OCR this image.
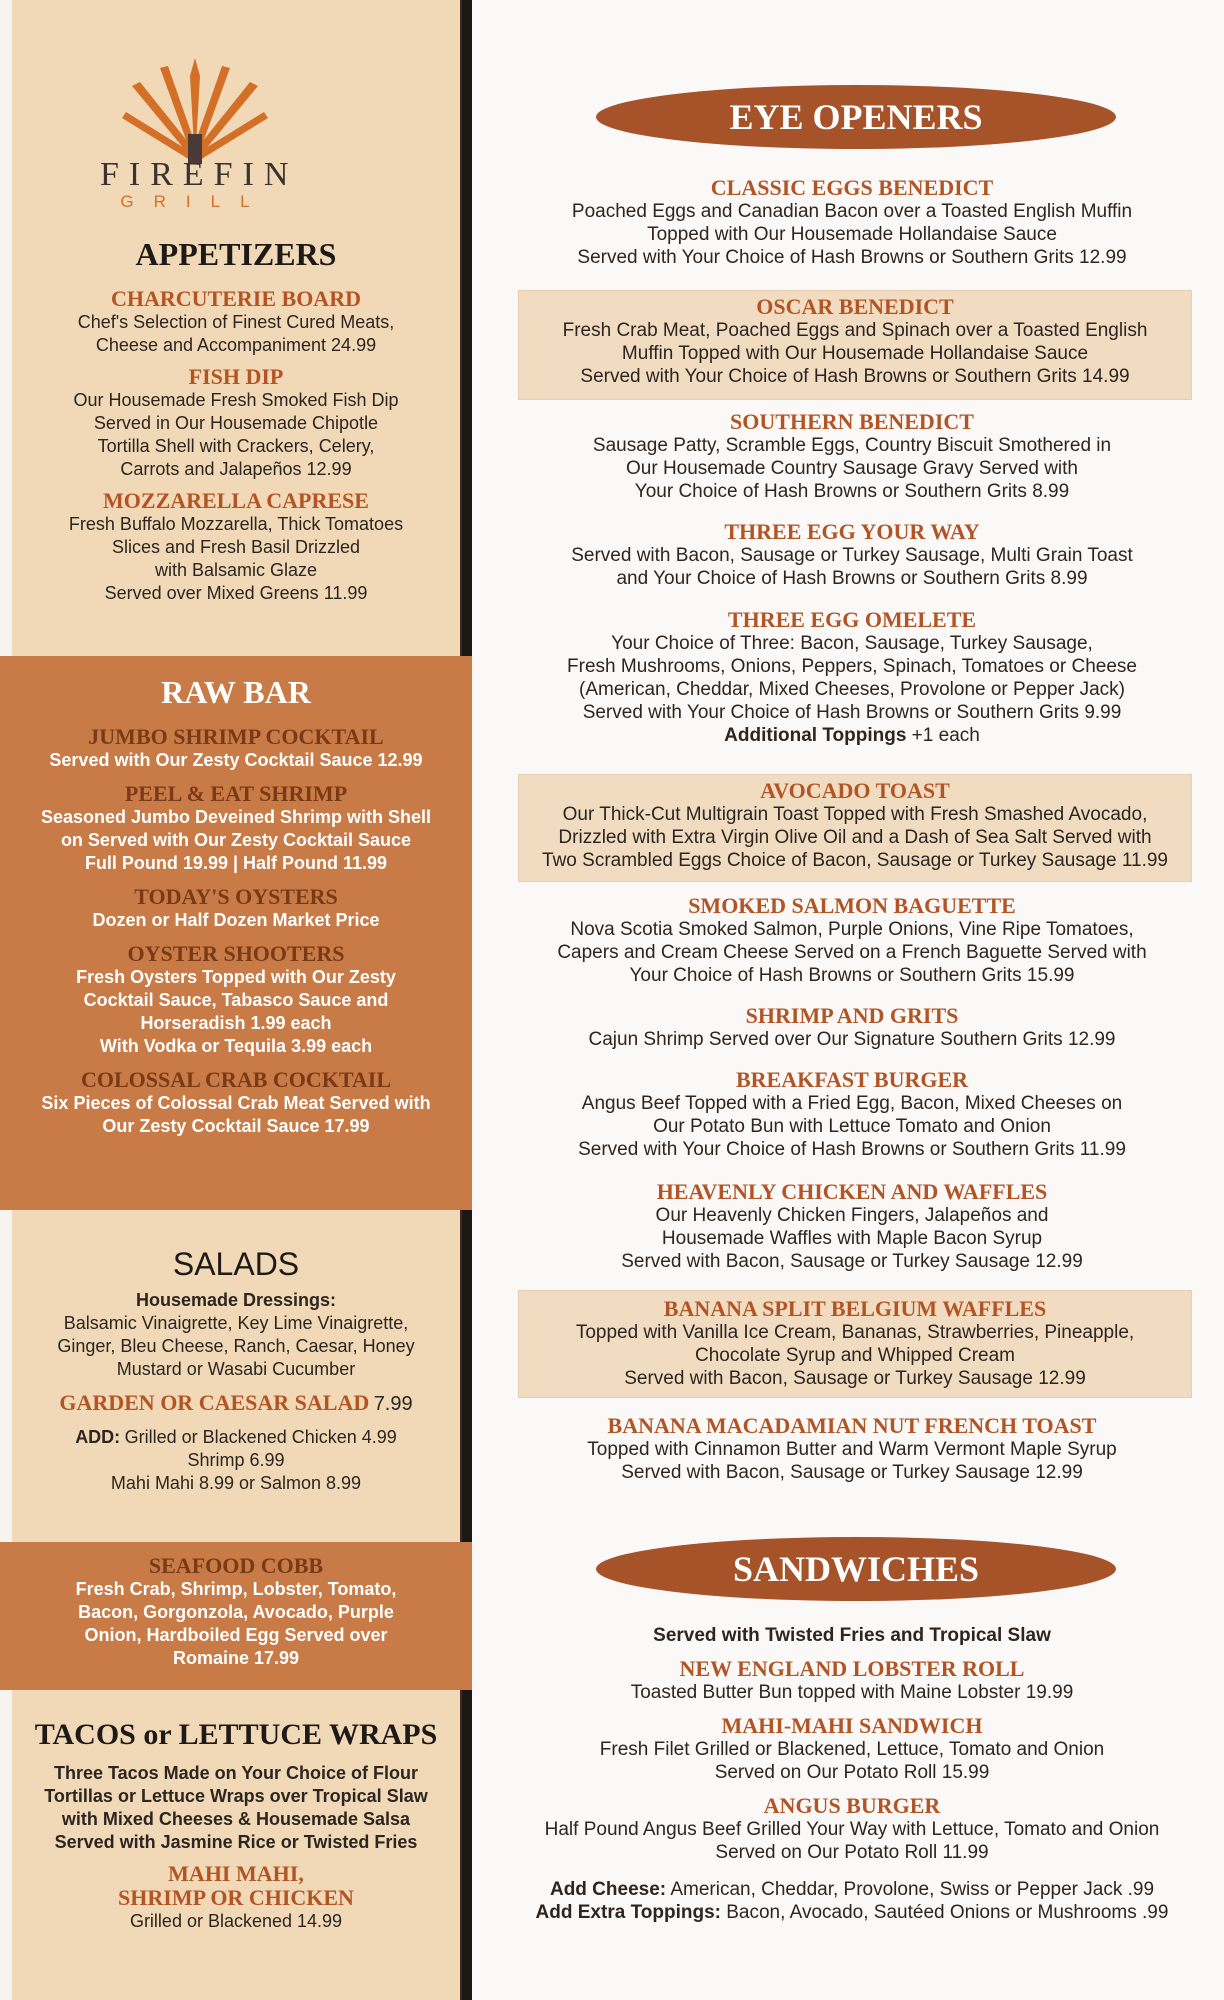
FIREFIN
GRILL
APPETIZERS
CHARCUTERIE BOARD
Chef's Selection of Finest Cured Meats,
Cheese and Accompaniment 24.99
FISH DIP
Our Housemade Fresh Smoked Fish Dip
Served in Our Housemade Chipotle
Tortilla Shell with Crackers, Celery,
Carrots and Jalapeños 12.99
MOZZARELLA CAPRESE
Fresh Buffalo Mozzarella, Thick Tomatoes
Slices and Fresh Basil Drizzled
with Balsamic Glaze
Served over Mixed Greens 11.99
RAW BAR
JUMBO SHRIMP COCKTAIL
Served with Our Zesty Cocktail Sauce 12.99
PEEL & EAT SHRIMP
Seasoned Jumbo Deveined Shrimp with Shell
on Served with Our Zesty Cocktail Sauce
Full Pound 19.99 | Half Pound 11.99
TODAY'S OYSTERS
Dozen or Half Dozen Market Price
OYSTER SHOOTERS
Fresh Oysters Topped with Our Zesty
Cocktail Sauce, Tabasco Sauce and
Horseradish 1.99 each
With Vodka or Tequila 3.99 each
COLOSSAL CRAB COCKTAIL
Six Pieces of Colossal Crab Meat Served with
Our Zesty Cocktail Sauce 17.99
SALADS
Housemade Dressings:
Balsamic Vinaigrette, Key Lime Vinaigrette,
Ginger, Bleu Cheese, Ranch, Caesar, Honey
Mustard or Wasabi Cucumber
GARDEN OR CAESAR SALAD 7.99
ADD: Grilled or Blackened Chicken 4.99
Shrimp 6.99
Mahi Mahi 8.99 or Salmon 8.99
SEAFOOD COBB
Fresh Crab, Shrimp, Lobster, Tomato,
Bacon, Gorgonzola, Avocado, Purple
Onion, Hardboiled Egg Served over
Romaine 17.99
TACOS or LETTUCE WRAPS
Three Tacos Made on Your Choice of Flour
Tortillas or Lettuce Wraps over Tropical Slaw
with Mixed Cheeses & Housemade Salsa
Served with Jasmine Rice or Twisted Fries
MAHI MAHI,
SHRIMP OR CHICKEN
Grilled or Blackened 14.99
EYE OPENERS
CLASSIC EGGS BENEDICT
Poached Eggs and Canadian Bacon over a Toasted English Muffin
Topped with Our Housemade Hollandaise Sauce
Served with Your Choice of Hash Browns or Southern Grits 12.99
OSCAR BENEDICT
Fresh Crab Meat, Poached Eggs and Spinach over a Toasted English
Muffin Topped with Our Housemade Hollandaise Sauce
Served with Your Choice of Hash Browns or Southern Grits 14.99
SOUTHERN BENEDICT
Sausage Patty, Scramble Eggs, Country Biscuit Smothered in
Our Housemade Country Sausage Gravy Served with
Your Choice of Hash Browns or Southern Grits 8.99
THREE EGG YOUR WAY
Served with Bacon, Sausage or Turkey Sausage, Multi Grain Toast
and Your Choice of Hash Browns or Southern Grits 8.99
THREE EGG OMELETE
Your Choice of Three: Bacon, Sausage, Turkey Sausage,
Fresh Mushrooms, Onions, Peppers, Spinach, Tomatoes or Cheese
(American, Cheddar, Mixed Cheeses, Provolone or Pepper Jack)
Served with Your Choice of Hash Browns or Southern Grits 9.99
Additional Toppings +1 each
AVOCADO TOAST
Our Thick-Cut Multigrain Toast Topped with Fresh Smashed Avocado,
Drizzled with Extra Virgin Olive Oil and a Dash of Sea Salt Served with
Two Scrambled Eggs Choice of Bacon, Sausage or Turkey Sausage 11.99
SMOKED SALMON BAGUETTE
Nova Scotia Smoked Salmon, Purple Onions, Vine Ripe Tomatoes,
Capers and Cream Cheese Served on a French Baguette Served with
Your Choice of Hash Browns or Southern Grits 15.99
SHRIMP AND GRITS
Cajun Shrimp Served over Our Signature Southern Grits 12.99
BREAKFAST BURGER
Angus Beef Topped with a Fried Egg, Bacon, Mixed Cheeses on
Our Potato Bun with Lettuce Tomato and Onion
Served with Your Choice of Hash Browns or Southern Grits 11.99
HEAVENLY CHICKEN AND WAFFLES
Our Heavenly Chicken Fingers, Jalapeños and
Housemade Waffles with Maple Bacon Syrup
Served with Bacon, Sausage or Turkey Sausage 12.99
BANANA SPLIT BELGIUM WAFFLES
Topped with Vanilla Ice Cream, Bananas, Strawberries, Pineapple,
Chocolate Syrup and Whipped Cream
Served with Bacon, Sausage or Turkey Sausage 12.99
BANANA MACADAMIAN NUT FRENCH TOAST
Topped with Cinnamon Butter and Warm Vermont Maple Syrup
Served with Bacon, Sausage or Turkey Sausage 12.99
SANDWICHES
Served with Twisted Fries and Tropical Slaw
NEW ENGLAND LOBSTER ROLL
Toasted Butter Bun topped with Maine Lobster 19.99
MAHI-MAHI SANDWICH
Fresh Filet Grilled or Blackened, Lettuce, Tomato and Onion
Served on Our Potato Roll 15.99
ANGUS BURGER
Half Pound Angus Beef Grilled Your Way with Lettuce, Tomato and Onion
Served on Our Potato Roll 11.99
Add Cheese: American, Cheddar, Provolone, Swiss or Pepper Jack .99
Add Extra Toppings: Bacon, Avocado, Sautéed Onions or Mushrooms .99
